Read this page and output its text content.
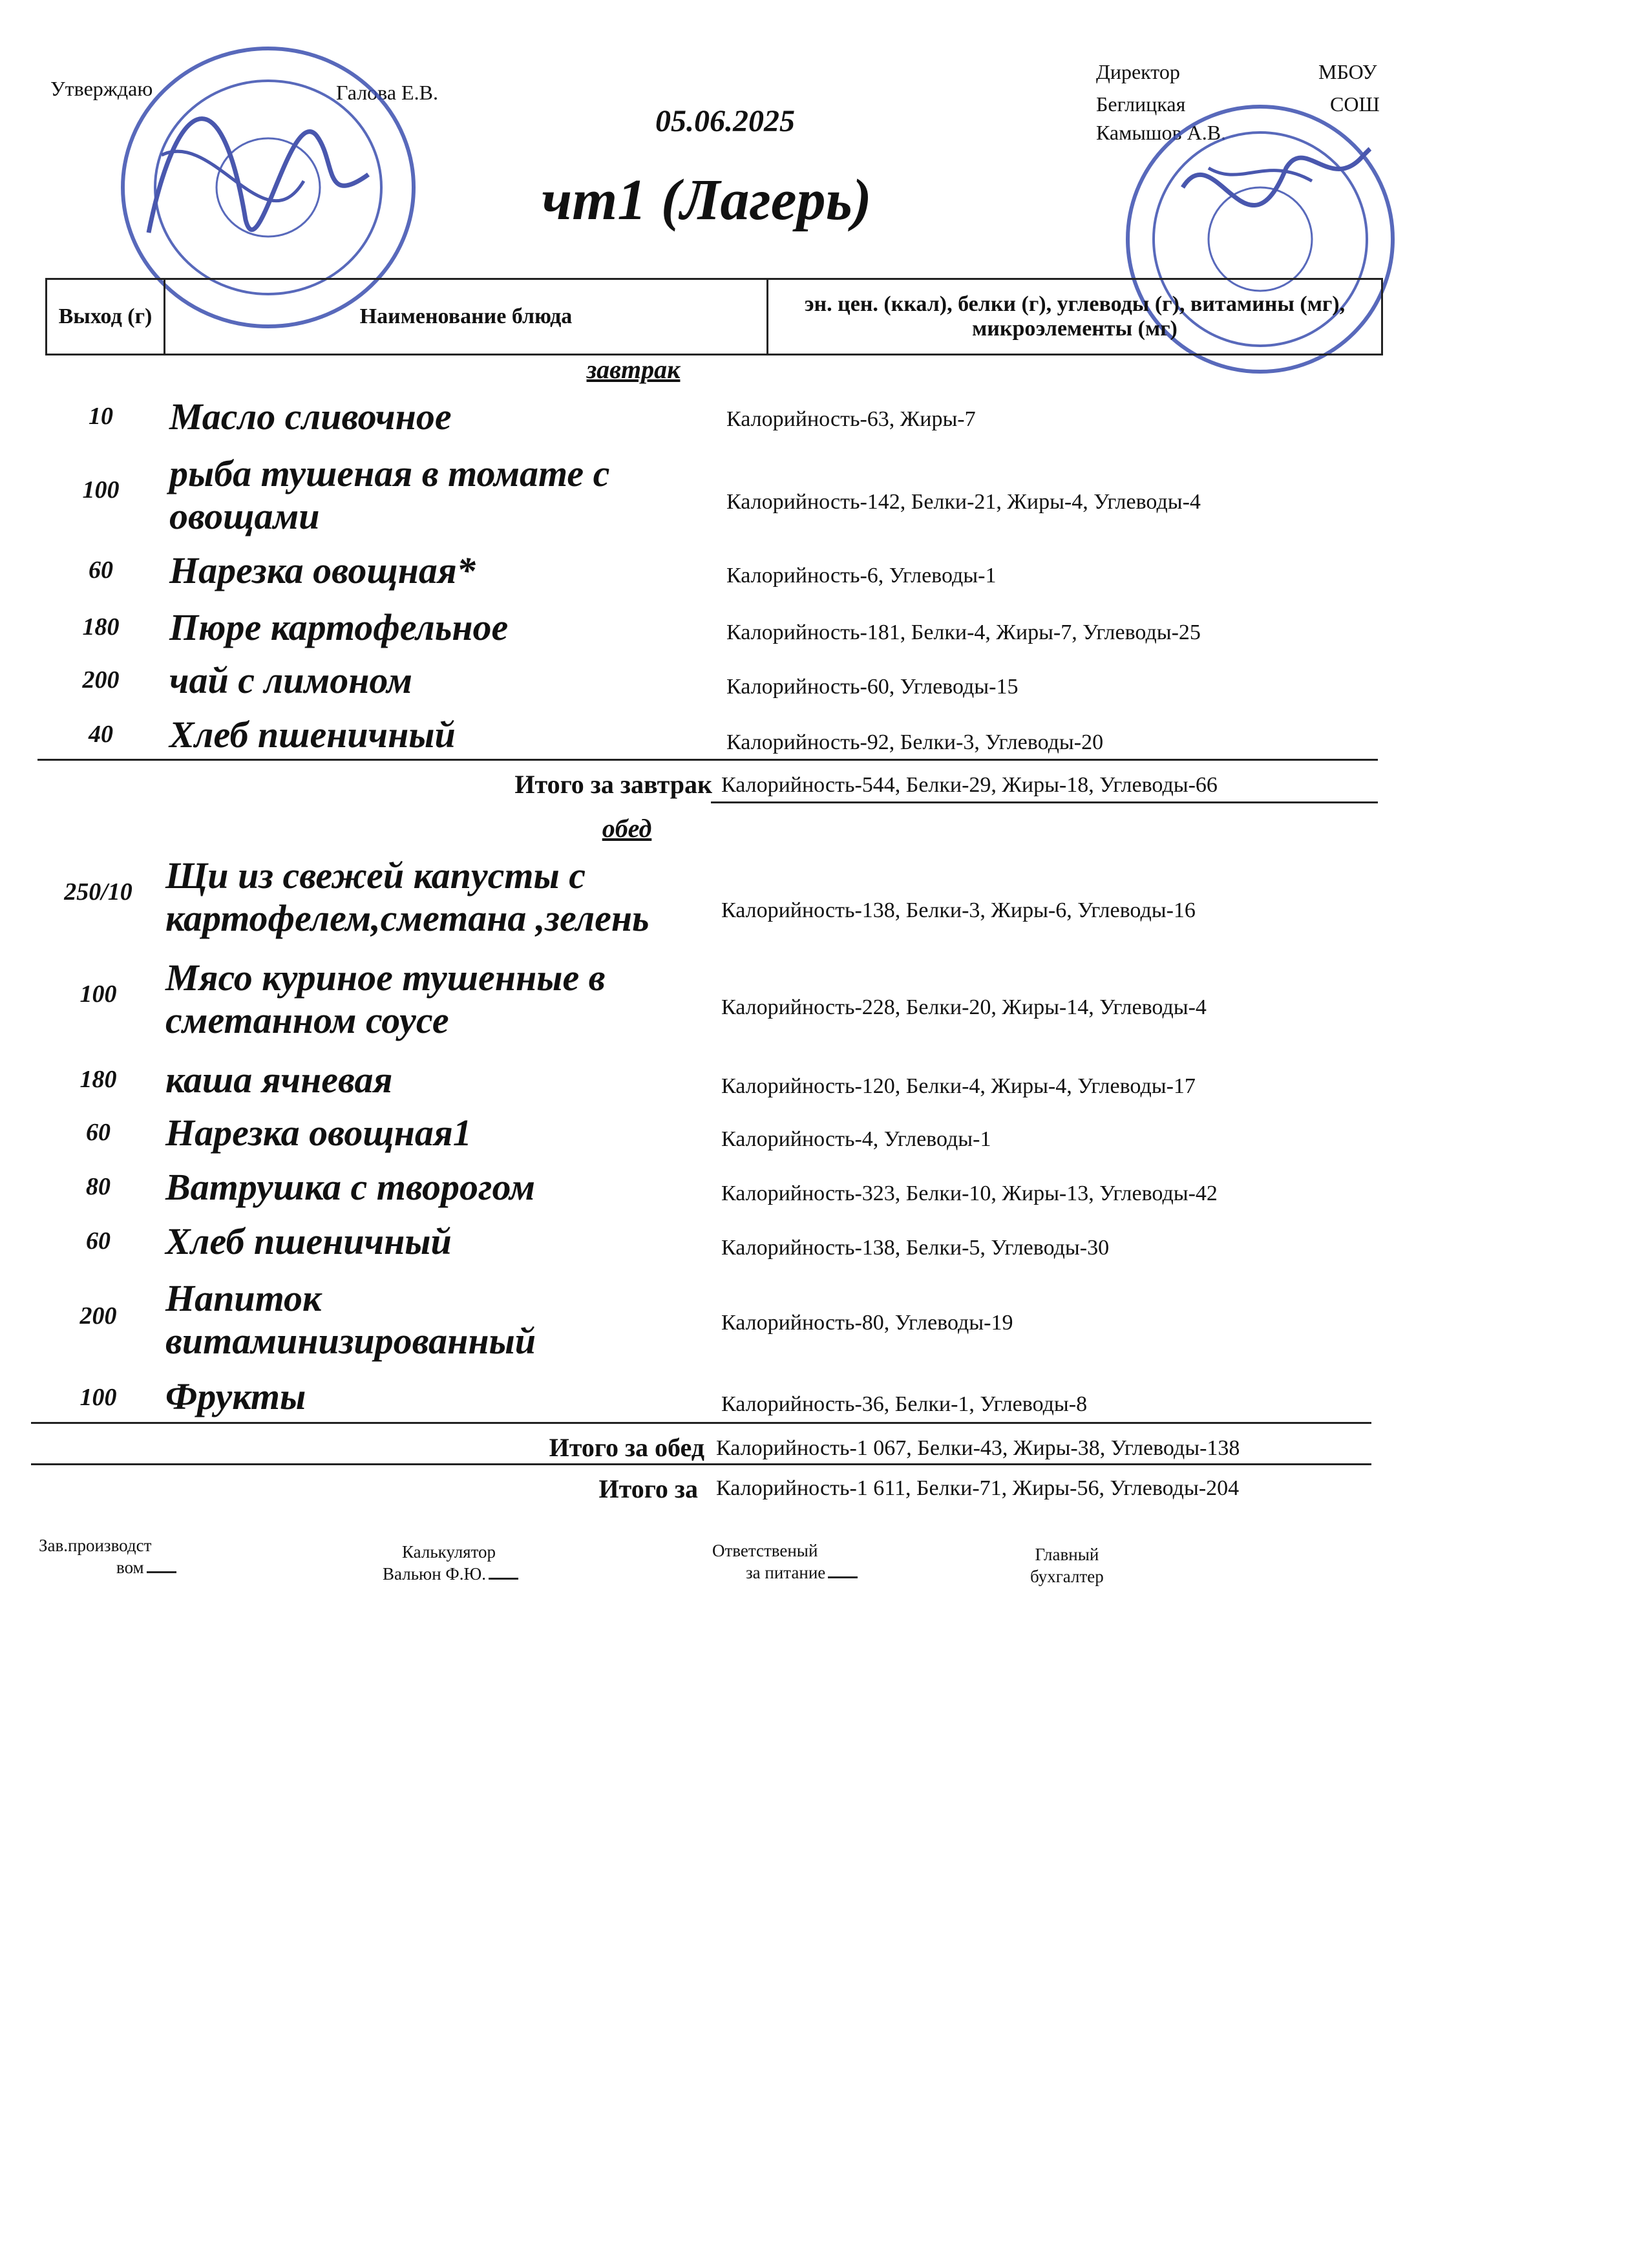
Утверждаю	Галова Е.В.
Директор	МБОУ
Беглицкая	СОШ
Камышов А.В.
05.06.2025
чт1 (Лагерь)
Выход (г)	Наименование блюда
эн. цен. (ккал), белки (г), углеводы (г), витамины (мг), микроэлементы (мг)
завтрак
10	Масло сливочное	Калорийность-63, Жиры-7
100	рыба тушеная в томате с овощами	Калорийность-142, Белки-21, Жиры-4, Углеводы-4
60	Нарезка овощная*	Калорийность-6, Углеводы-1
180	Пюре картофельное	Калорийность-181, Белки-4, Жиры-7, Углеводы-25
200	чай с лимоном	Калорийность-60, Углеводы-15
40	Хлеб пшеничный	Калорийность-92, Белки-3, Углеводы-20
Итого за завтрак Калорийность-544, Белки-29, Жиры-18, Углеводы-66
обед
250/10 Щи из свежей капусты с картофелем,сметана ,зелень	Калорийность-138, Белки-3, Жиры-6, Углеводы-16
100	Мясо куриное тушенные в сметанном соусе	Калорийность-228, Белки-20, Жиры-14, Углеводы-4
180	каша ячневая	Калорийность-120, Белки-4, Жиры-4, Углеводы-17
60	Нарезка овощная1	Калорийность-4, Углеводы-1
80	Ватрушка с творогом	Калорийность-323, Белки-10, Жиры-13, Углеводы-42
60	Хлеб пшеничный	Калорийность-138, Белки-5, Углеводы-30
200	Напиток витаминизированный	Калорийность-80, Углеводы-19
100	Фрукты	Калорийность-36, Белки-1, Углеводы-8
Итого за обед Калорийность-1 067, Белки-43, Жиры-38, Углеводы-138
Итого за Калорийность-1 611, Белки-71, Жиры-56, Углеводы-204
Зав.производст
вом
Калькулятор
Вальюн Ф.Ю.
Ответственый
за питание
Главный
бухгалтер
